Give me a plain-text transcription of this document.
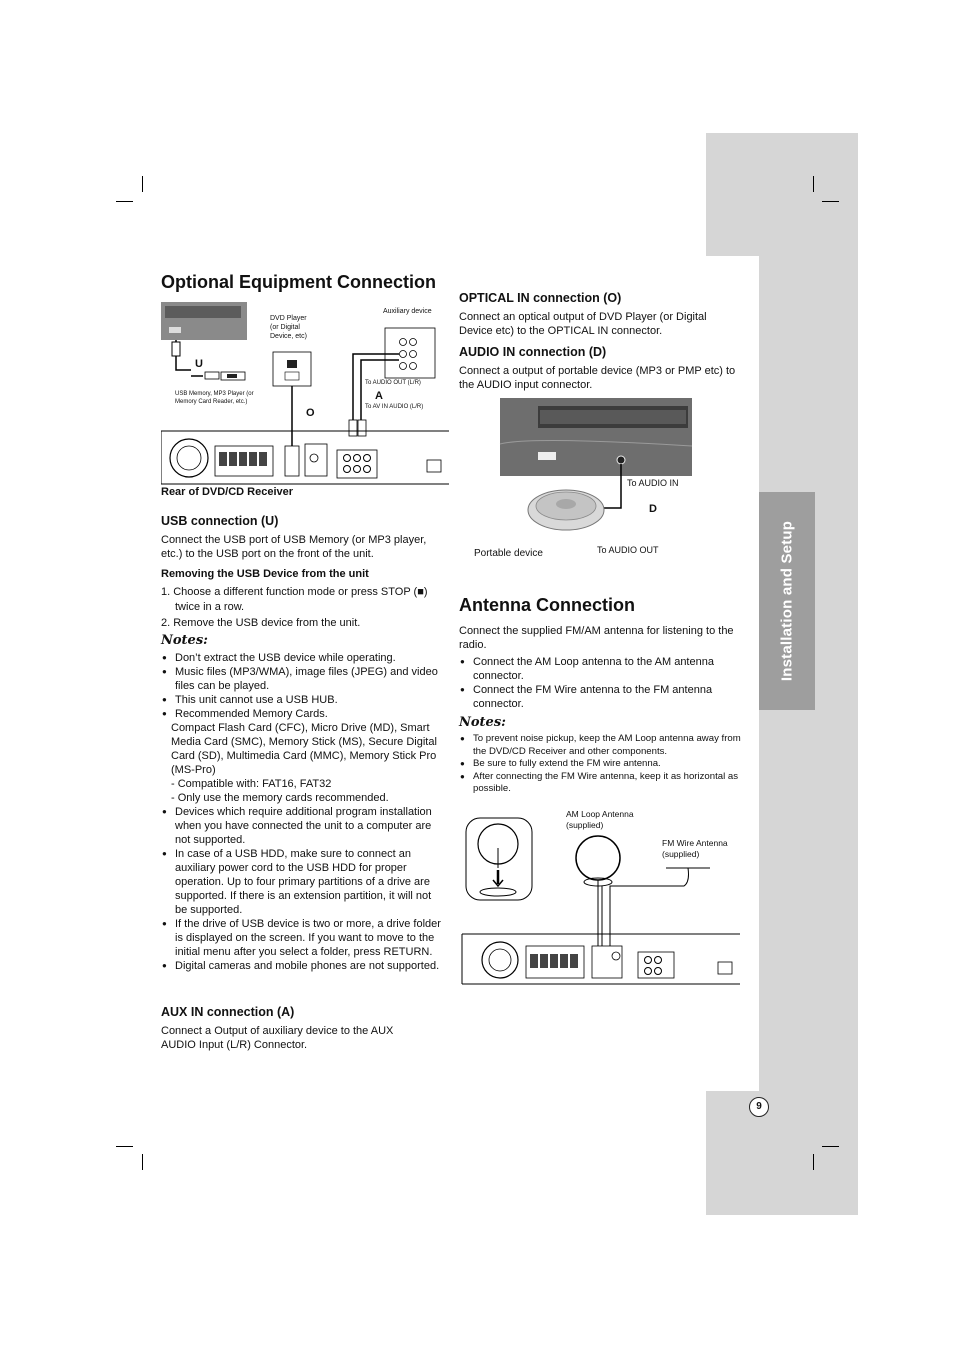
Installation and Setup
9
Optional Equipment Connection
DVD Player
(or Digital
Device, etc)
Auxiliary device
USB Memory, MP3 Player (or
Memory Card Reader, etc.)
To AUDIO OUT (L/R)
To AV IN AUDIO (L/R)
U
O
A
Rear of DVD/CD Receiver
USB connection (U)

Connect the USB port of USB Memory (or MP3 player, etc.) to the USB port on the front of the unit.

Removing the USB Device from the unit
1. Choose a different function mode or press STOP (■) twice in a row.
2. Remove the USB device from the unit.
Notes:
● Don’t extract the USB device while operating.
● Music files (MP3/WMA), image files (JPEG) and video files can be played.
● This unit cannot use a USB HUB.
● Recommended Memory Cards.

Compact Flash Card (CFC), Micro Drive (MD), Smart Media Card (SMC), Memory Stick (MS), Secure Digital Card (SD), Multimedia Card (MMC), Memory Stick Pro (MS-Pro)

- Compatible with: FAT16, FAT32

- Only use the memory cards recommended.

● Devices which require additional program installation when you have connected the unit to a computer are not supported.
● In case of a USB HDD, make sure to connect an auxiliary power cord to the USB HDD for proper operation. Up to four primary partitions of a drive are supported. If there is an extension partition, it will not be supported.
● If the drive of USB device is two or more, a drive folder is displayed on the screen. If you want to move to the initial menu after you select a folder, press RETURN.
● Digital cameras and mobile phones are not supported.
AUX IN connection (A)

Connect a Output of auxiliary device to the AUX AUDIO Input (L/R) Connector.

OPTICAL IN connection (O)

Connect an optical output of DVD Player (or Digital Device etc) to the OPTICAL IN connector.

AUDIO IN connection (D)

Connect a output of portable device (MP3 or PMP etc) to the AUDIO input connector.

To AUDIO IN
D
Portable device	To AUDIO OUT
Antenna Connection

Connect the supplied FM/AM antenna for listening to the radio.

● Connect the AM Loop antenna to the AM antenna connector.
● Connect the FM Wire antenna to the FM antenna connector.
Notes:
● To prevent noise pickup, keep the AM Loop antenna away from the DVD/CD Receiver and other components.
● Be sure to fully extend the FM wire antenna.
● After connecting the FM Wire antenna, keep it as horizontal as possible.
AM Loop Antenna
(supplied)
FM Wire Antenna
(supplied)
